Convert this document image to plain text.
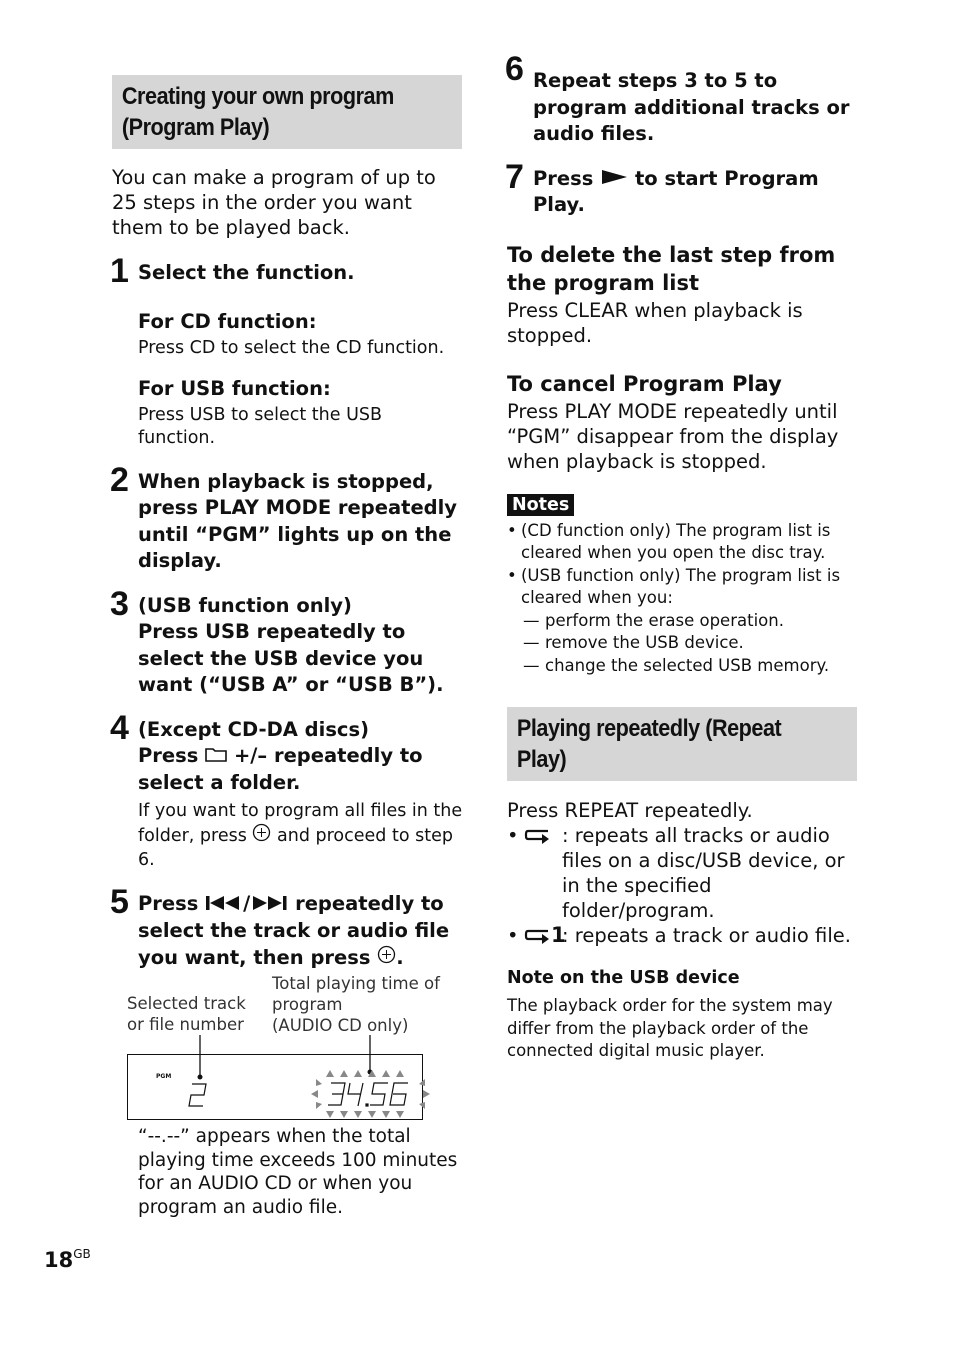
Creating your own program
(Program Play)

You can make a program of up to 25 steps in the order you want them to be played back.

1 Select the function.

For CD function:

Press CD to select the CD function.

For USB function:

Press USB to select the USB function.

2 When playback is stopped, press PLAY MODE repeatedly until “PGM” lights up on the display.

3 (USB function only)

Press USB repeatedly to select the USB device you want (“USB A” or “USB B”).

4 (Except CD-DA discs)

Press +/– repeatedly to select a folder.

If you want to program all files in the folder, press and proceed to step 6.

5 Press / repeatedly to select the track or audio file you want, then press .

Selected track
or file number
Total playing time of
program
(AUDIO CD only)
PGM

“--.--” appears when the total playing time exceeds 100 minutes for an AUDIO CD or when you program an audio file.

6 Repeat steps 3 to 5 to program additional tracks or audio files.

7 Press to start Program Play.

To delete the last step from the program list

Press CLEAR when playback is stopped.

To cancel Program Play

Press PLAY MODE repeatedly until “PGM” disappear from the display when playback is stopped.

Notes
• (CD function only) The program list is cleared when you open the disc tray.
• (USB function only) The program list is cleared when you:
— perform the erase operation.
— remove the USB device.
— change the selected USB memory.
Playing repeatedly (Repeat
Play)

Press REPEAT repeatedly.

• : repeats all tracks or audio files on a disc/USB device, or in the specified folder/program.
• 1
: repeats a track or audio file.

Note on the USB device

The playback order for the system may differ from the playback order of the connected digital music player.

$18^{GB}$
